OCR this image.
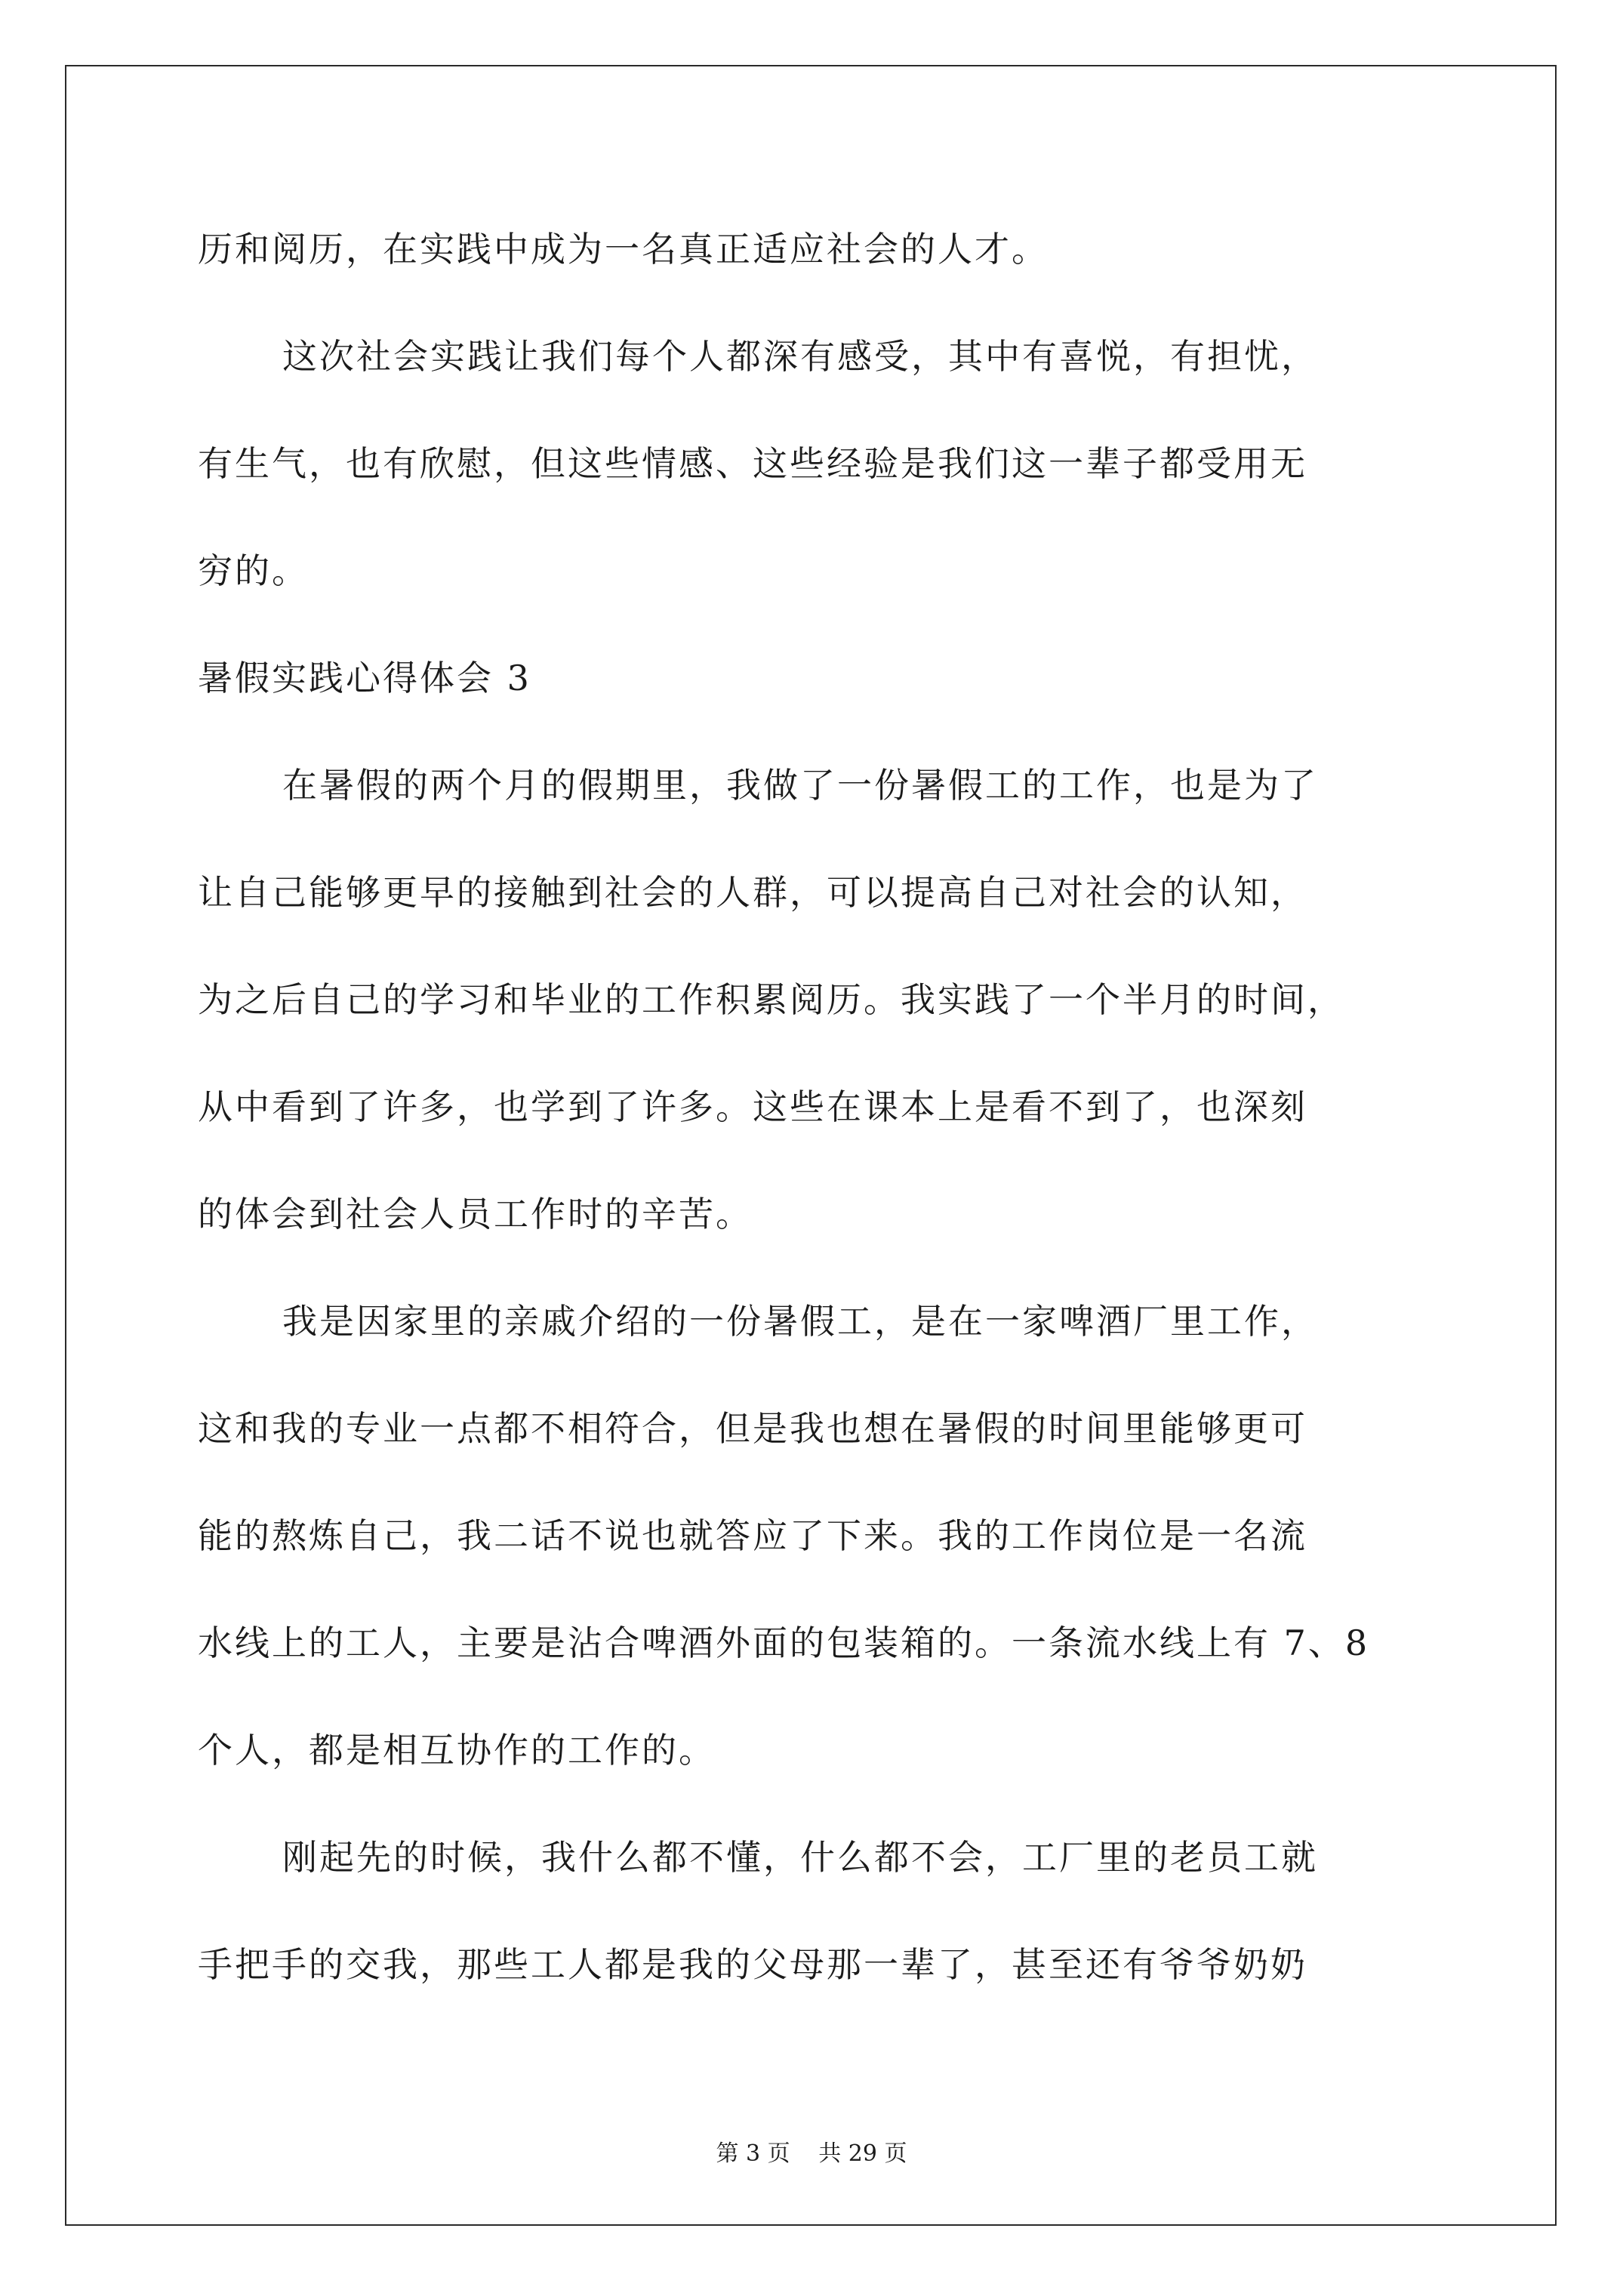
历和阅历，在实践中成为一名真正适应社会的人才。
这次社会实践让我们每个人都深有感受，其中有喜悦，有担忧，
有生气，也有欣慰，但这些情感、这些经验是我们这一辈子都受用无
穷的。
暑假实践心得体会 3
在暑假的两个月的假期里，我做了一份暑假工的工作，也是为了
让自己能够更早的接触到社会的人群，可以提高自己对社会的认知，
为之后自己的学习和毕业的工作积累阅历。我实践了一个半月的时间，
从中看到了许多，也学到了许多。这些在课本上是看不到了，也深刻
的体会到社会人员工作时的辛苦。
我是因家里的亲戚介绍的一份暑假工，是在一家啤酒厂里工作，
这和我的专业一点都不相符合，但是我也想在暑假的时间里能够更可
能的熬炼自己，我二话不说也就答应了下来。我的工作岗位是一名流
水线上的工人，主要是沾合啤酒外面的包装箱的。一条流水线上有 7、8
个人，都是相互协作的工作的。
刚起先的时候，我什么都不懂，什么都不会，工厂里的老员工就
手把手的交我，那些工人都是我的父母那一辈了，甚至还有爷爷奶奶
第 3 页 共 29 页
